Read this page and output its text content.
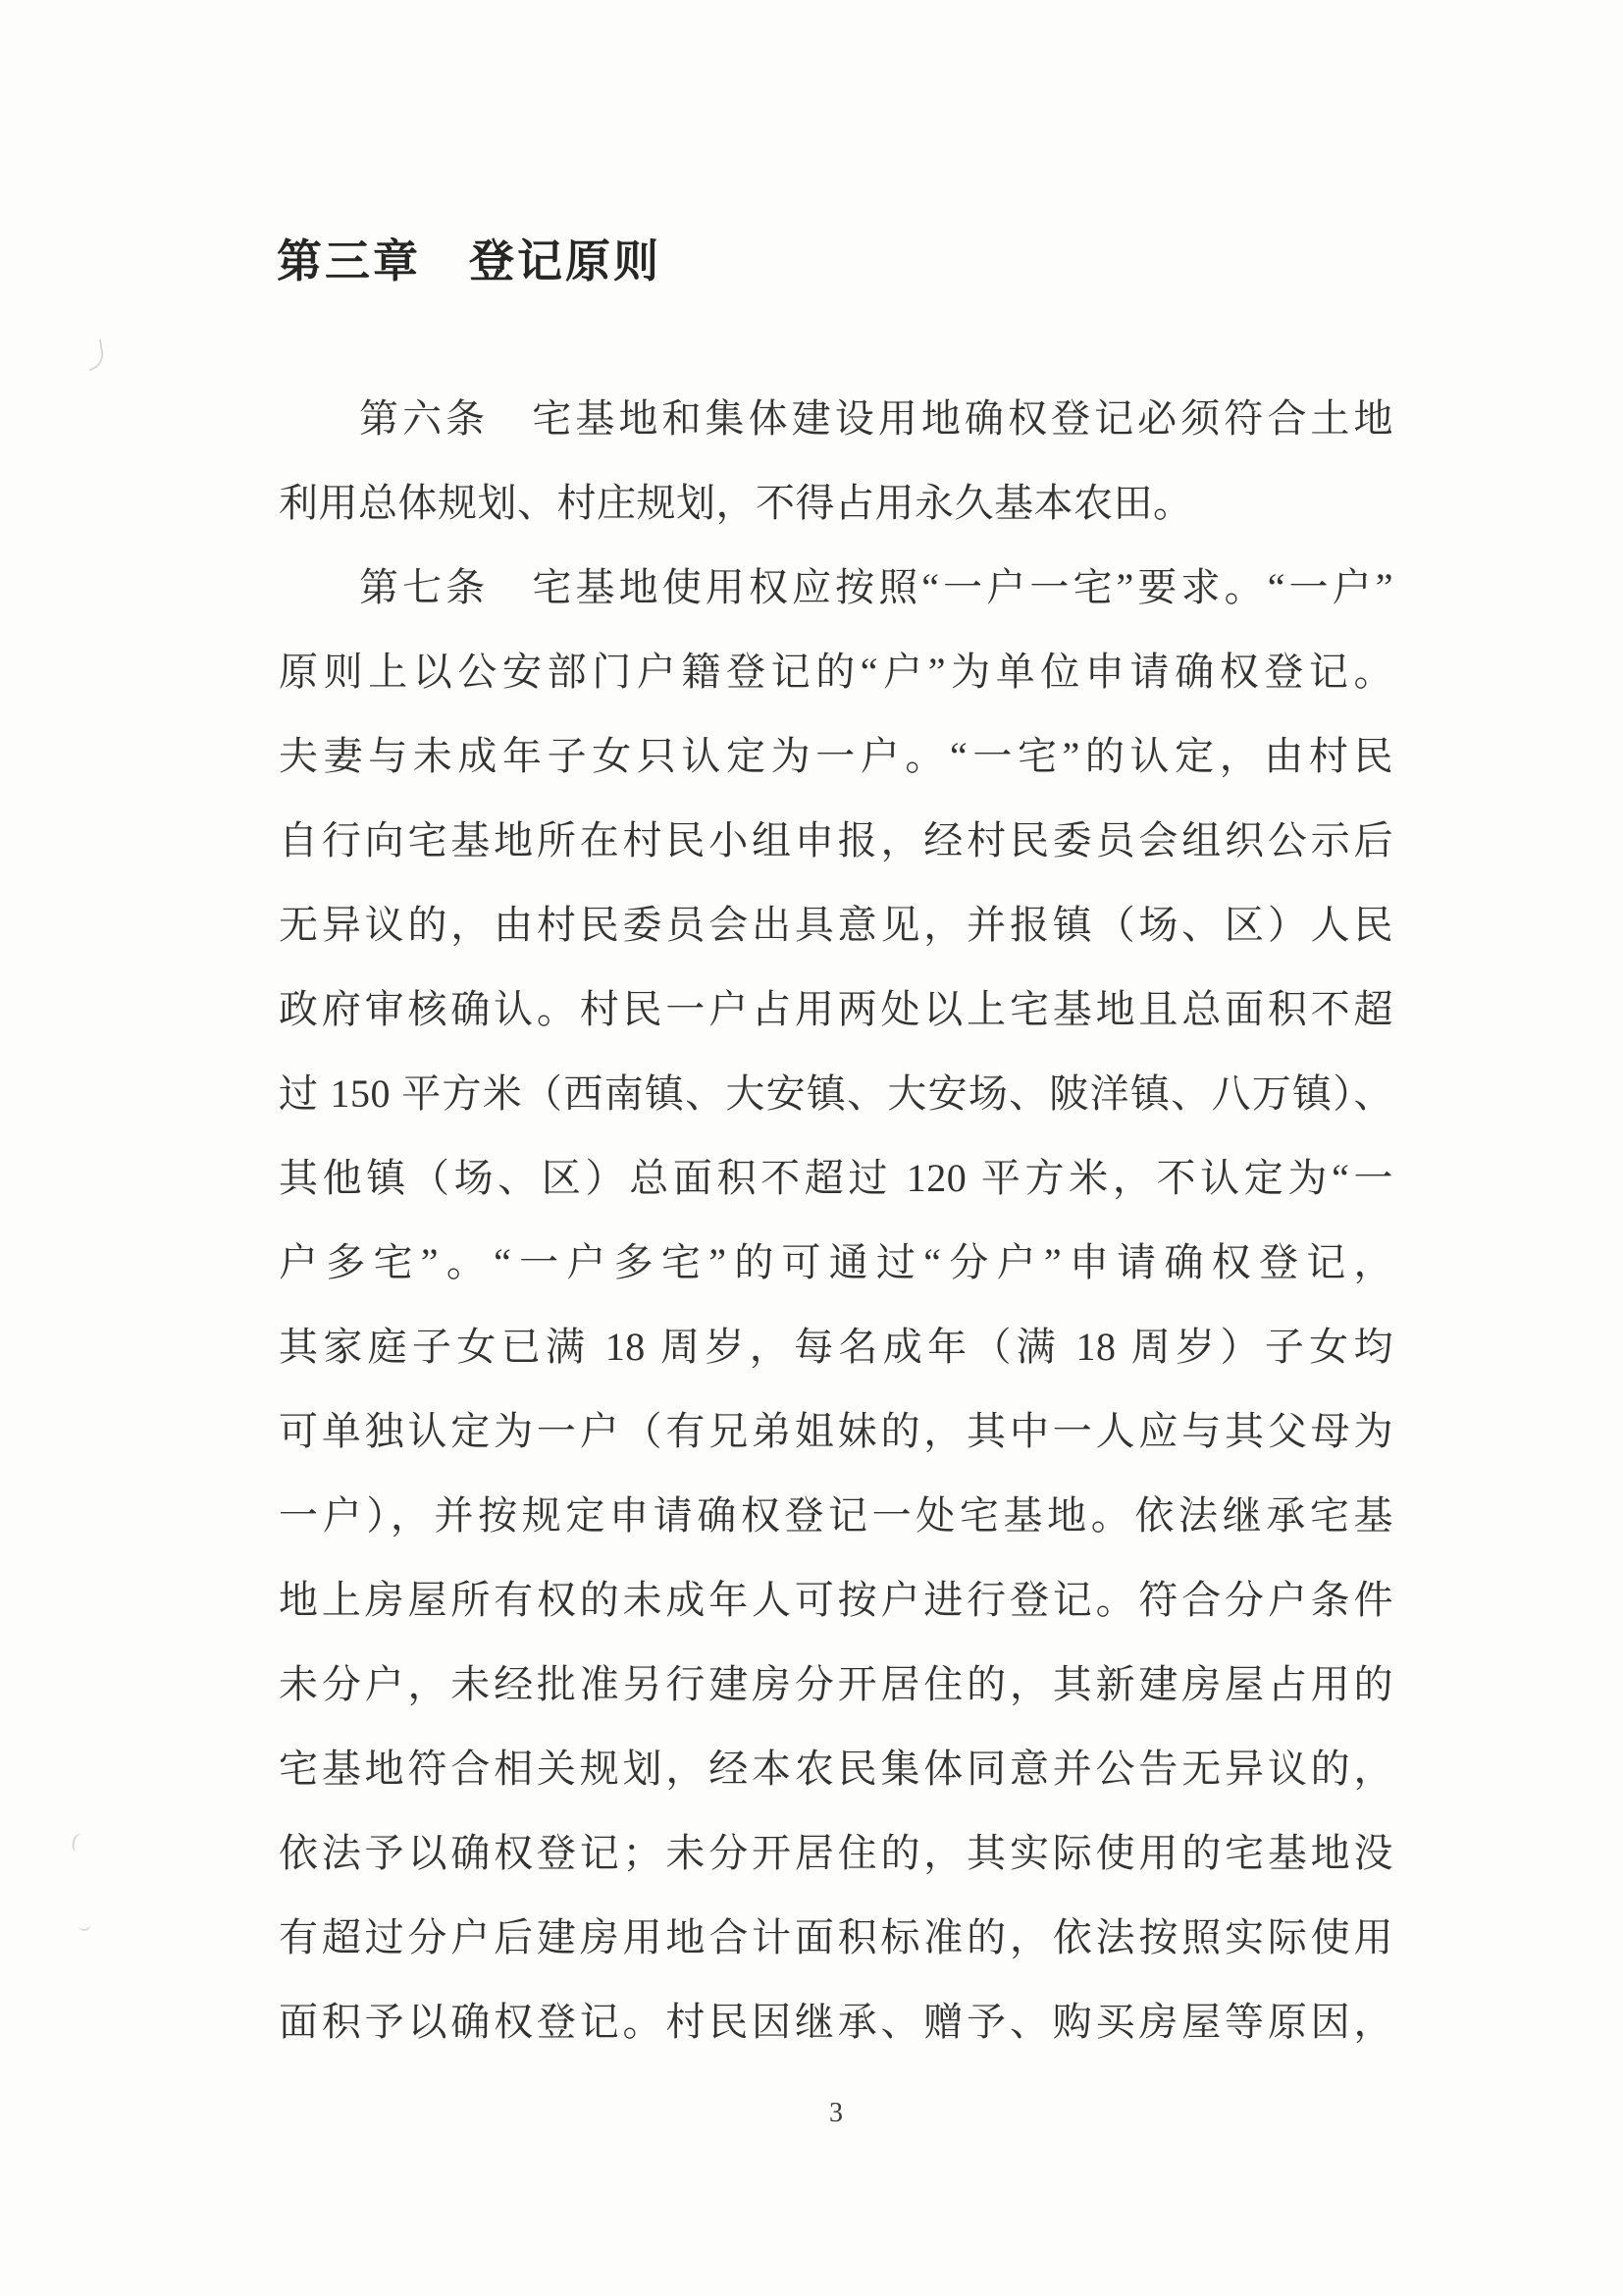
第三章　登记原则
第六条　宅基地和集体建设用地确权登记必须符合土地
利用总体规划、村庄规划，不得占用永久基本农田。
第七条　宅基地使用权应按照“一户一宅”要求。“一户”
原则上以公安部门户籍登记的“户”为单位申请确权登记。
夫妻与未成年子女只认定为一户。“一宅”的认定，由村民
自行向宅基地所在村民小组申报，经村民委员会组织公示后
无异议的，由村民委员会出具意见，并报镇（场、区）人民
政府审核确认。村民一户占用两处以上宅基地且总面积不超
过 150 平方米（西南镇、大安镇、大安场、陂洋镇、八万镇）、
其他镇（场、区）总面积不超过 120 平方米，不认定为“一
户多宅”。“一户多宅”的可通过“分户”申请确权登记，
其家庭子女已满 18 周岁，每名成年（满 18 周岁）子女均
可单独认定为一户（有兄弟姐妹的，其中一人应与其父母为
一户），并按规定申请确权登记一处宅基地。依法继承宅基
地上房屋所有权的未成年人可按户进行登记。符合分户条件
未分户，未经批准另行建房分开居住的，其新建房屋占用的
宅基地符合相关规划，经本农民集体同意并公告无异议的，
依法予以确权登记；未分开居住的，其实际使用的宅基地没
有超过分户后建房用地合计面积标准的，依法按照实际使用
面积予以确权登记。村民因继承、赠予、购买房屋等原因，
3
